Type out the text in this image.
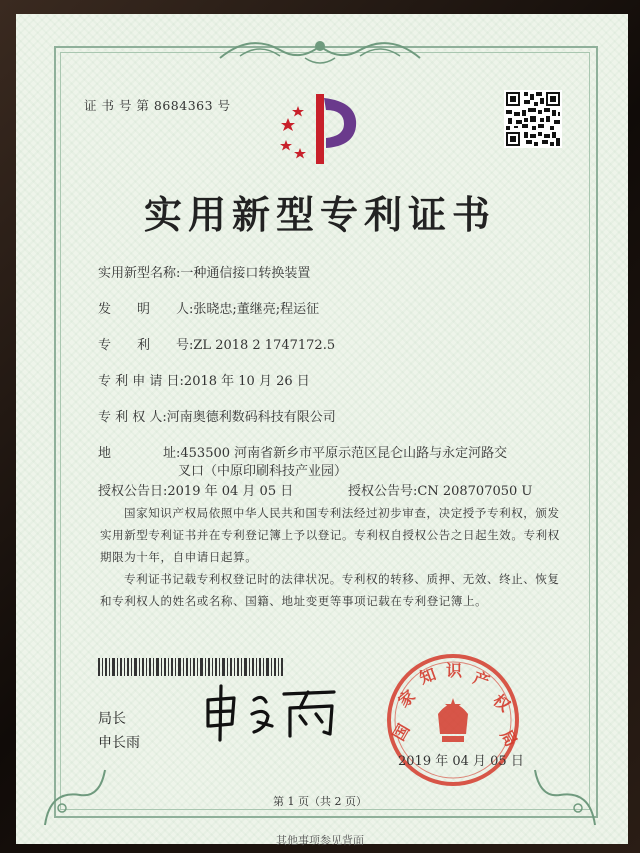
证 书 号 第 8684363 号
实用新型专利证书
实用新型名称:一种通信接口转换装置
发　　明　　人:张晓忠;董继亮;程运征
专　　利　　号:ZL 2018 2 1747172.5
专 利 申 请 日:2018 年 10 月 26 日
专 利 权 人:河南奥德利数码科技有限公司
地　　　　址:453500 河南省新乡市平原示范区昆仑山路与永定河路交
叉口（中原印刷科技产业园）
授权公告日:2019 年 04 月 05 日	授权公告号:CN 208707050 U
国家知识产权局依照中华人民共和国专利法经过初步审查，决定授予专利权，颁发实用新型专利证书并在专利登记簿上予以登记。专利权自授权公告之日起生效。专利权期限为十年，自申请日起算。
专利证书记载专利权登记时的法律状况。专利权的转移、质押、无效、终止、恢复和专利权人的姓名或名称、国籍、地址变更等事项记载在专利登记簿上。
局长
申长雨	国
家
知 识 产
权
局
2019 年 04 月 05 日
第 1 页（共 2 页）
其他事项参见背面
